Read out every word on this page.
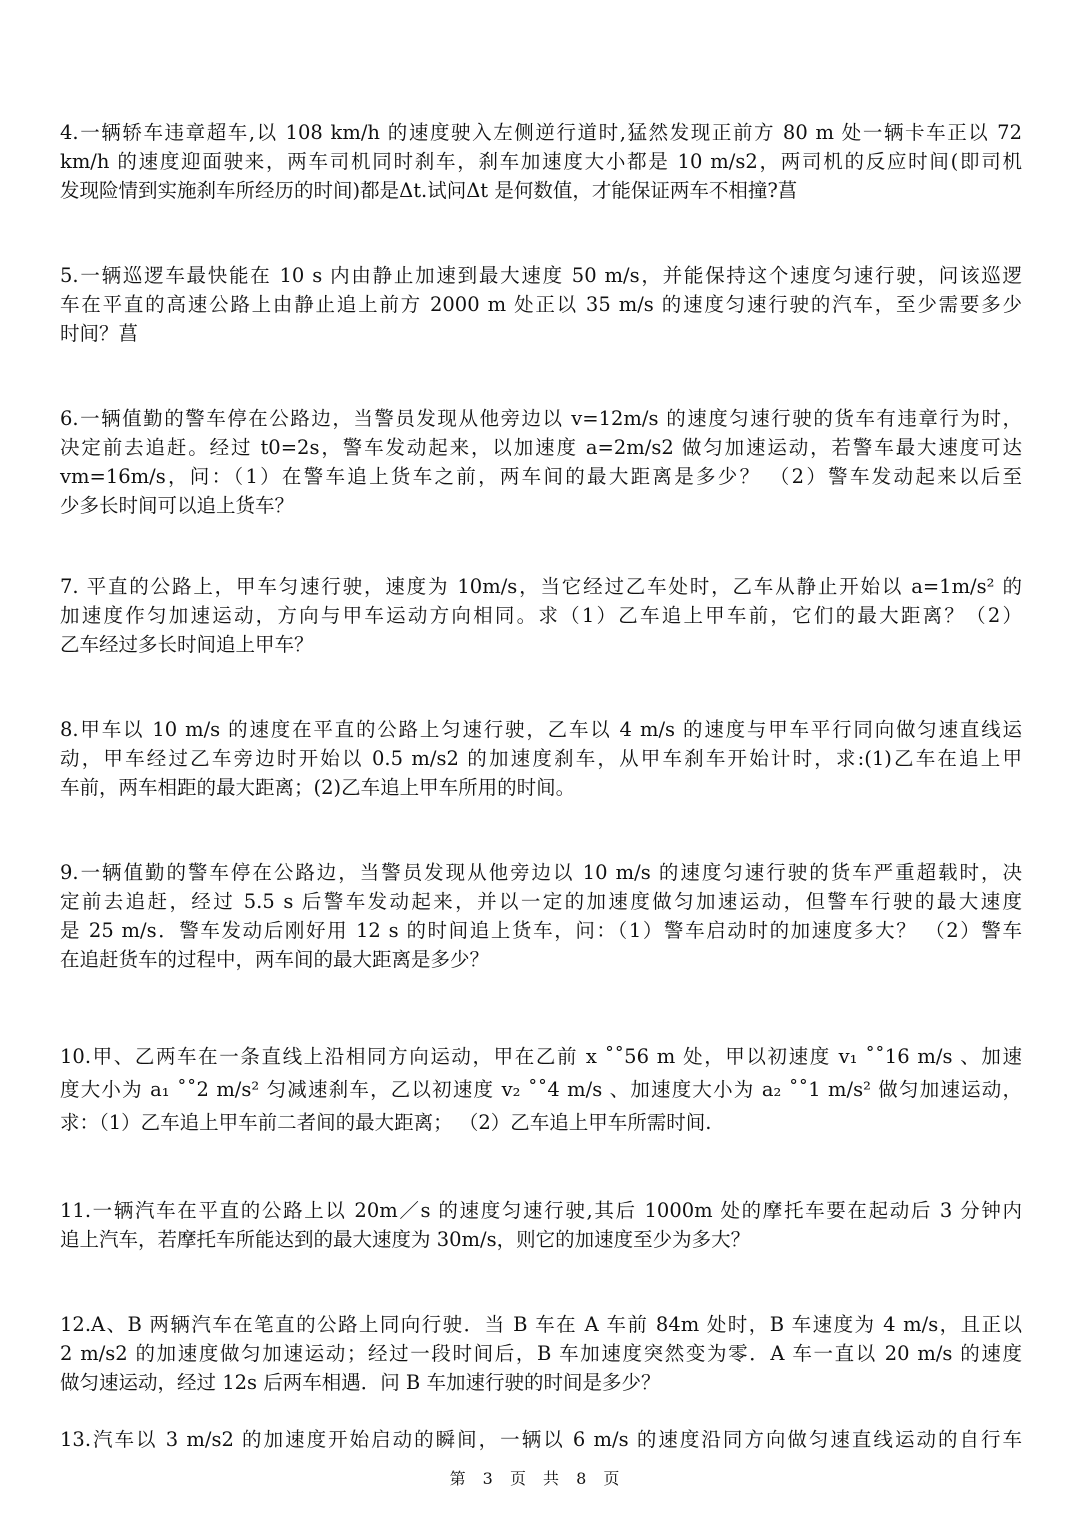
4.一辆轿车违章超车,以 108 km/h 的速度驶入左侧逆行道时,猛然发现正前方 80 m 处一辆卡车正以 72
km/h 的速度迎面驶来，两车司机同时刹车，刹车加速度大小都是 10 m/s2，两司机的反应时间(即司机
发现险情到实施刹车所经历的时间)都是Δt.试问Δt 是何数值，才能保证两车不相撞?菖
5.一辆巡逻车最快能在 10 s 内由静止加速到最大速度 50 m/s，并能保持这个速度匀速行驶，问该巡逻
车在平直的高速公路上由静止追上前方 2000 m 处正以 35 m/s 的速度匀速行驶的汽车，至少需要多少
时间？菖
6.一辆值勤的警车停在公路边，当警员发现从他旁边以 v=12m/s 的速度匀速行驶的货车有违章行为时，
决定前去追赶。经过 t0=2s，警车发动起来，以加速度 a=2m/s2 做匀加速运动，若警车最大速度可达
vm=16m/s，问：（1）在警车追上货车之前，两车间的最大距离是多少？ （2）警车发动起来以后至
少多长时间可以追上货车？
7. 平直的公路上，甲车匀速行驶，速度为 10m/s，当它经过乙车处时，乙车从静止开始以 a=1m/s² 的
加速度作匀加速运动，方向与甲车运动方向相同。求（1）乙车追上甲车前，它们的最大距离？（2）
乙车经过多长时间追上甲车？
8.甲车以 10 m/s 的速度在平直的公路上匀速行驶，乙车以 4 m/s 的速度与甲车平行同向做匀速直线运
动，甲车经过乙车旁边时开始以 0.5 m/s2 的加速度刹车，从甲车刹车开始计时，求:(1)乙车在追上甲
车前，两车相距的最大距离；(2)乙车追上甲车所用的时间。
9.一辆值勤的警车停在公路边，当警员发现从他旁边以 10 m/s 的速度匀速行驶的货车严重超载时，决
定前去追赶，经过 5.5 s 后警车发动起来，并以一定的加速度做匀加速运动，但警车行驶的最大速度
是 25 m/s．警车发动后刚好用 12 s 的时间追上货车，问：（1）警车启动时的加速度多大？ （2）警车
在追赶货车的过程中，两车间的最大距离是多少？
10.甲、乙两车在一条直线上沿相同方向运动，甲在乙前 x ˚˚56 m 处，甲以初速度 v₁ ˚˚16 m/s 、加速
度大小为 a₁ ˚˚2 m/s² 匀减速刹车，乙以初速度 v₂ ˚˚4 m/s 、加速度大小为 a₂ ˚˚1 m/s² 做匀加速运动，
求：（1）乙车追上甲车前二者间的最大距离； （2）乙车追上甲车所需时间.
11.一辆汽车在平直的公路上以 20m／s 的速度匀速行驶,其后 1000m 处的摩托车要在起动后 3 分钟内
追上汽车，若摩托车所能达到的最大速度为 30m/s，则它的加速度至少为多大？
12.A、B 两辆汽车在笔直的公路上同向行驶．当 B 车在 A 车前 84m 处时，B 车速度为 4 m/s，且正以
2 m/s2 的加速度做匀加速运动；经过一段时间后，B 车加速度突然变为零．A 车一直以 20 m/s 的速度
做匀速运动，经过 12s 后两车相遇．问 B 车加速行驶的时间是多少？
13.汽车以 3 m/s2 的加速度开始启动的瞬间，一辆以 6 m/s 的速度沿同方向做匀速直线运动的自行车
第 3 页 共 8 页
